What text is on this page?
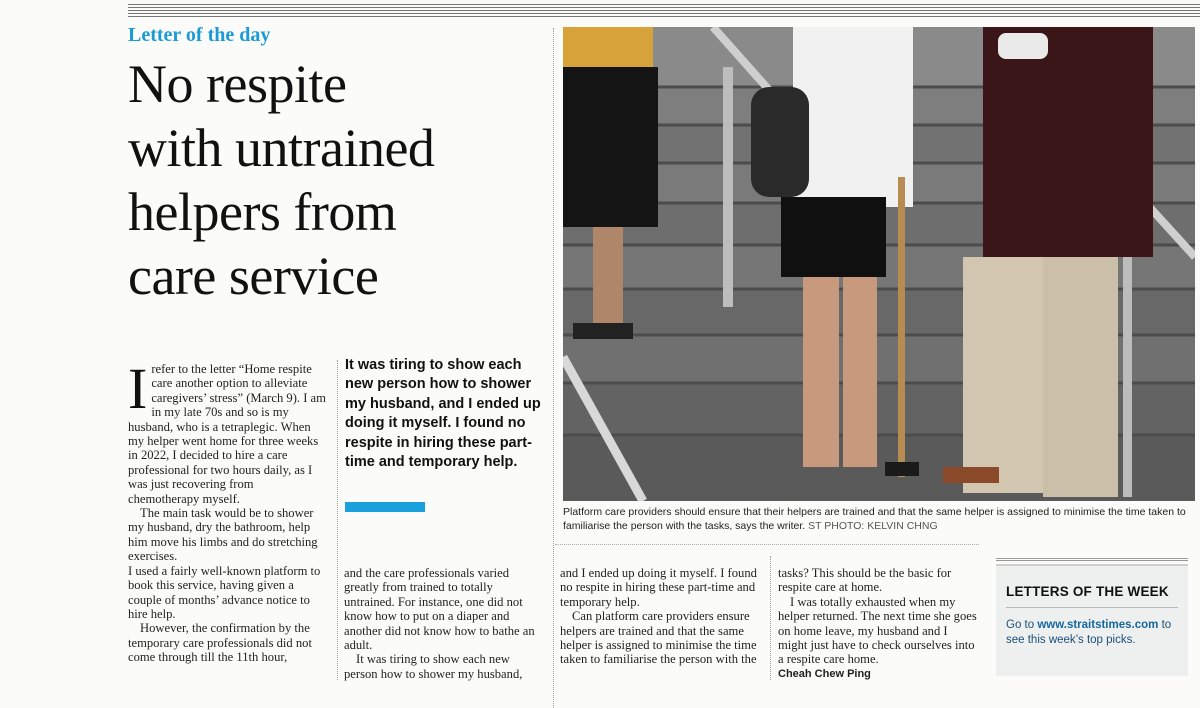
Letter of the day
No respite
with untrained
helpers from
care service
I refer to the letter “Home respite care another option to alleviate caregivers’ stress” (March 9). I am in my late 70s and so is my husband, who is a tetraplegic. When my helper went home for three weeks in 2022, I decided to hire a care professional for two hours daily, as I was just recovering from chemotherapy myself.

The main task would be to shower my husband, dry the bathroom, help him move his limbs and do stretching exercises.

I used a fairly well-known platform to book this service, having given a couple of months’ advance notice to hire help.

However, the confirmation by the temporary care professionals did not come through till the 11th hour,

It was tiring to show each new person how to shower my husband, and I ended up doing it myself. I found no respite in hiring these part-time and temporary help.

and the care professionals varied greatly from trained to totally untrained. For instance, one did not know how to put on a diaper and another did not know how to bathe an adult.

It was tiring to show each new person how to shower my husband,

and I ended up doing it myself. I found no respite in hiring these part-time and temporary help.

Can platform care providers ensure helpers are trained and that the same helper is assigned to minimise the time taken to familiarise the person with the

tasks? This should be the basic for respite care at home.

I was totally exhausted when my helper returned. The next time she goes on home leave, my husband and I might just have to check ourselves into a respite care home.

Cheah Chew Ping

Platform care providers should ensure that their helpers are trained and that the same helper is assigned to minimise the time taken to familiarise the person with the tasks, says the writer. ST PHOTO: KELVIN CHNG
LETTERS OF THE WEEK
Go to www.straitstimes.com to see this week’s top picks.
